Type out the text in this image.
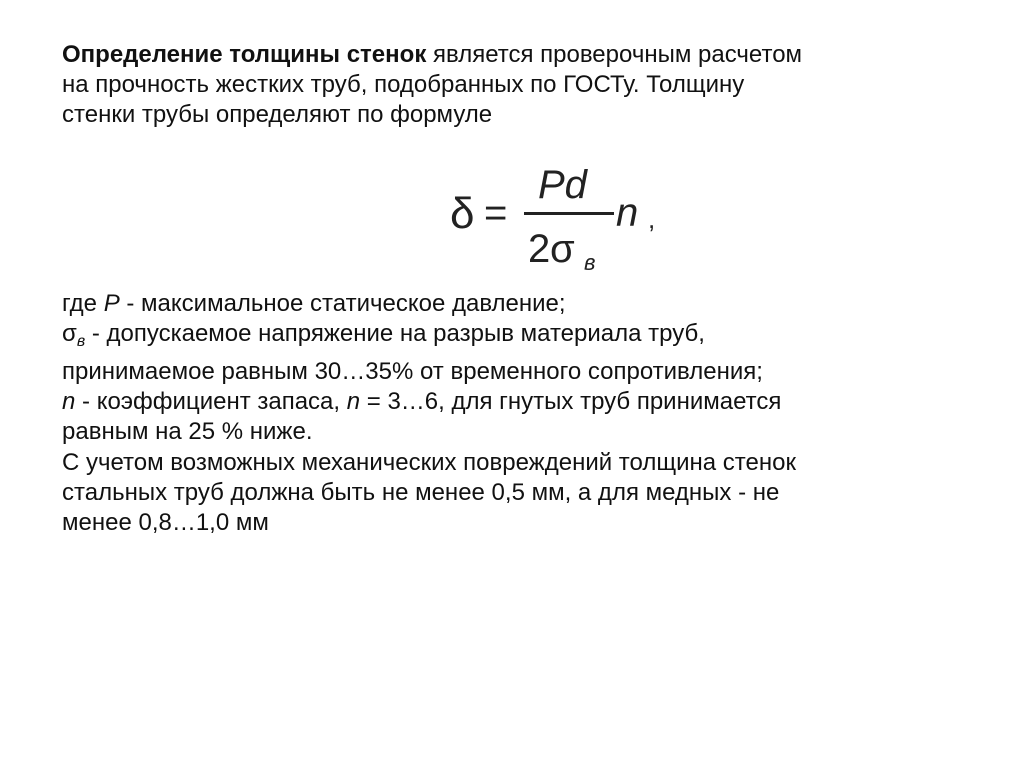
Определение толщины стенок является проверочным расчетом
на прочность жестких труб, подобранных по ГОСТу. Толщину
стенки трубы определяют по формуле
δ =
Pd
2 σ в
n ,
где P - максимальное статическое давление;
$\sigma_в$ - допускаемое напряжение на разрыв материала труб,
принимаемое равным 30…35% от временного сопротивления;
n - коэффициент запаса, n = 3…6, для гнутых труб принимается
равным на 25 % ниже.
С учетом возможных механических повреждений толщина стенок
стальных труб должна быть не менее 0,5 мм, а для медных - не
менее 0,8…1,0 мм
